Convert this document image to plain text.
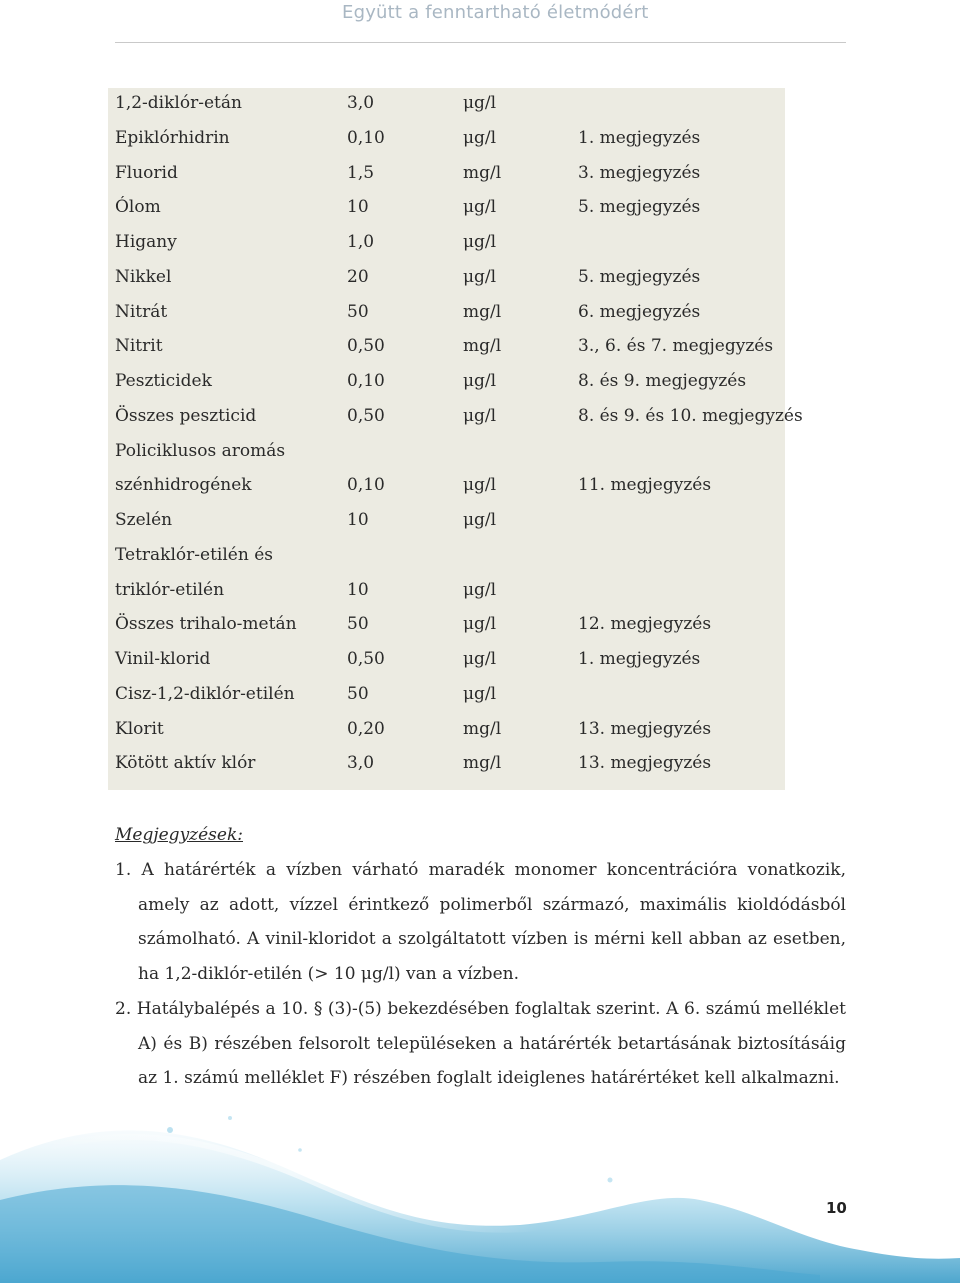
Együtt a fenntartható életmódért
1,2-diklór-etán	3,0	μg/l
Epiklórhidrin	0,10	μg/l	1. megjegyzés
Fluorid	1,5	mg/l	3. megjegyzés
Ólom	10	μg/l	5. megjegyzés
Higany	1,0	μg/l
Nikkel	20	μg/l	5. megjegyzés
Nitrát	50	mg/l	6. megjegyzés
Nitrit	0,50	mg/l	3., 6. és 7. megjegyzés
Peszticidek	0,10	μg/l	8. és 9. megjegyzés
Összes peszticid	0,50	μg/l	8. és 9. és 10. megjegyzés
Policiklusos aromás
szénhidrogének	0,10	μg/l	11. megjegyzés
Szelén	10	μg/l
Tetraklór-etilén és
triklór-etilén	10	μg/l
Összes trihalo-metán	50	μg/l	12. megjegyzés
Vinil-klorid	0,50	μg/l	1. megjegyzés
Cisz-1,2-diklór-etilén	50	μg/l
Klorit	0,20	mg/l	13. megjegyzés
Kötött aktív klór	3,0	mg/l	13. megjegyzés
Megjegyzések:

1. A határérték a vízben várható maradék monomer koncentrációra vonatkozik, amely az adott, vízzel érintkező polimerből származó, maximális kioldódásból számolható. A vinil-kloridot a szolgáltatott vízben is mérni kell abban az esetben, ha 1,2-diklór-etilén (> 10 μg/l) van a vízben.

2. Hatálybalépés a 10. § (3)-(5) bekezdésében foglaltak szerint. A 6. számú melléklet A) és B) részében felsorolt településeken a határérték betartásának biztosításáig az 1. számú melléklet F) részében foglalt ideiglenes határértéket kell alkalmazni.

10
